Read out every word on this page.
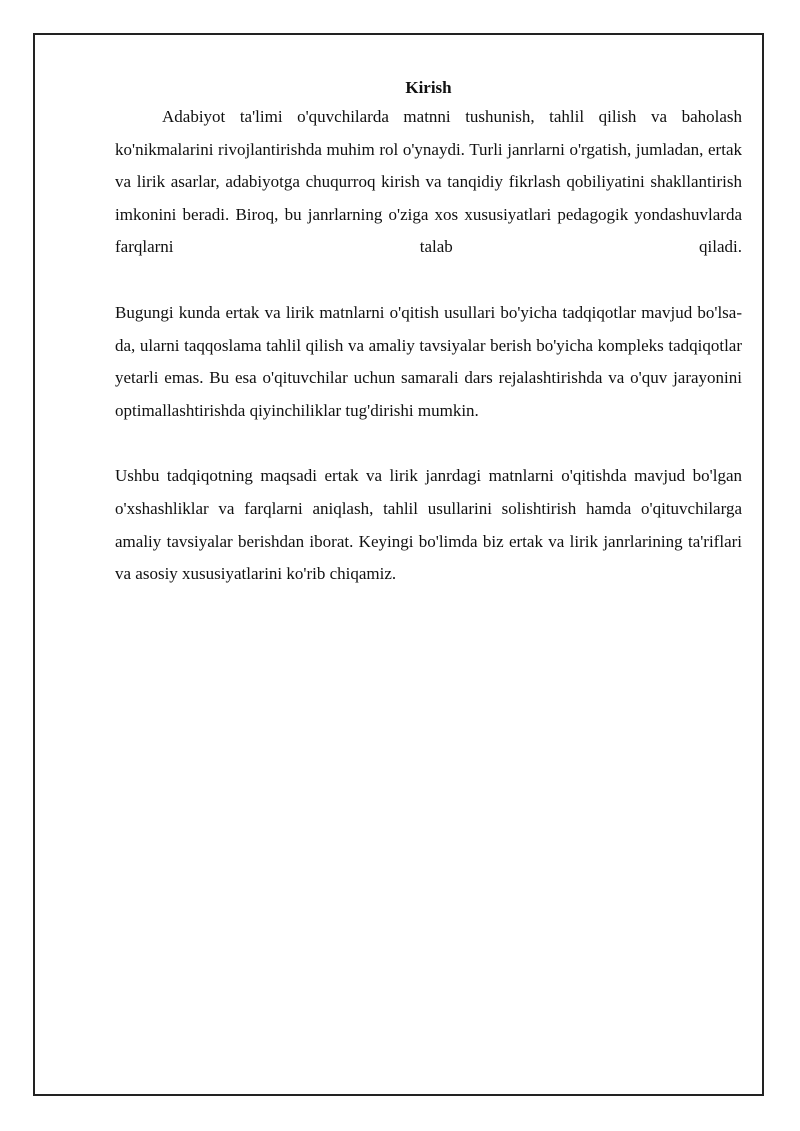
Kirish

Adabiyot ta'limi o'quvchilarda matnni tushunish, tahlil qilish va baholash ko'nikmalarini rivojlantirishda muhim rol o'ynaydi. Turli janrlarni o'rgatish, jumladan, ertak va lirik asarlar, adabiyotga chuqurroq kirish va tanqidiy fikrlash qobiliyatini shakllantirish imkonini beradi. Biroq, bu janrlarning o'ziga xos xususiyatlari pedagogik yondashuvlarda farqlarni talab qiladi.

Bugungi kunda ertak va lirik matnlarni o'qitish usullari bo'yicha tadqiqotlar mavjud bo'lsa-da, ularni taqqoslama tahlil qilish va amaliy tavsiyalar berish bo'yicha kompleks tadqiqotlar yetarli emas. Bu esa o'qituvchilar uchun samarali dars rejalashtirishda va o'quv jarayonini optimallashtirishda qiyinchiliklar tug'dirishi mumkin.

Ushbu tadqiqotning maqsadi ertak va lirik janrdagi matnlarni o'qitishda mavjud bo'lgan o'xshashliklar va farqlarni aniqlash, tahlil usullarini solishtirish hamda o'qituvchilarga amaliy tavsiyalar berishdan iborat. Keyingi bo'limda biz ertak va lirik janrlarining ta'riflari va asosiy xususiyatlarini ko'rib chiqamiz.
